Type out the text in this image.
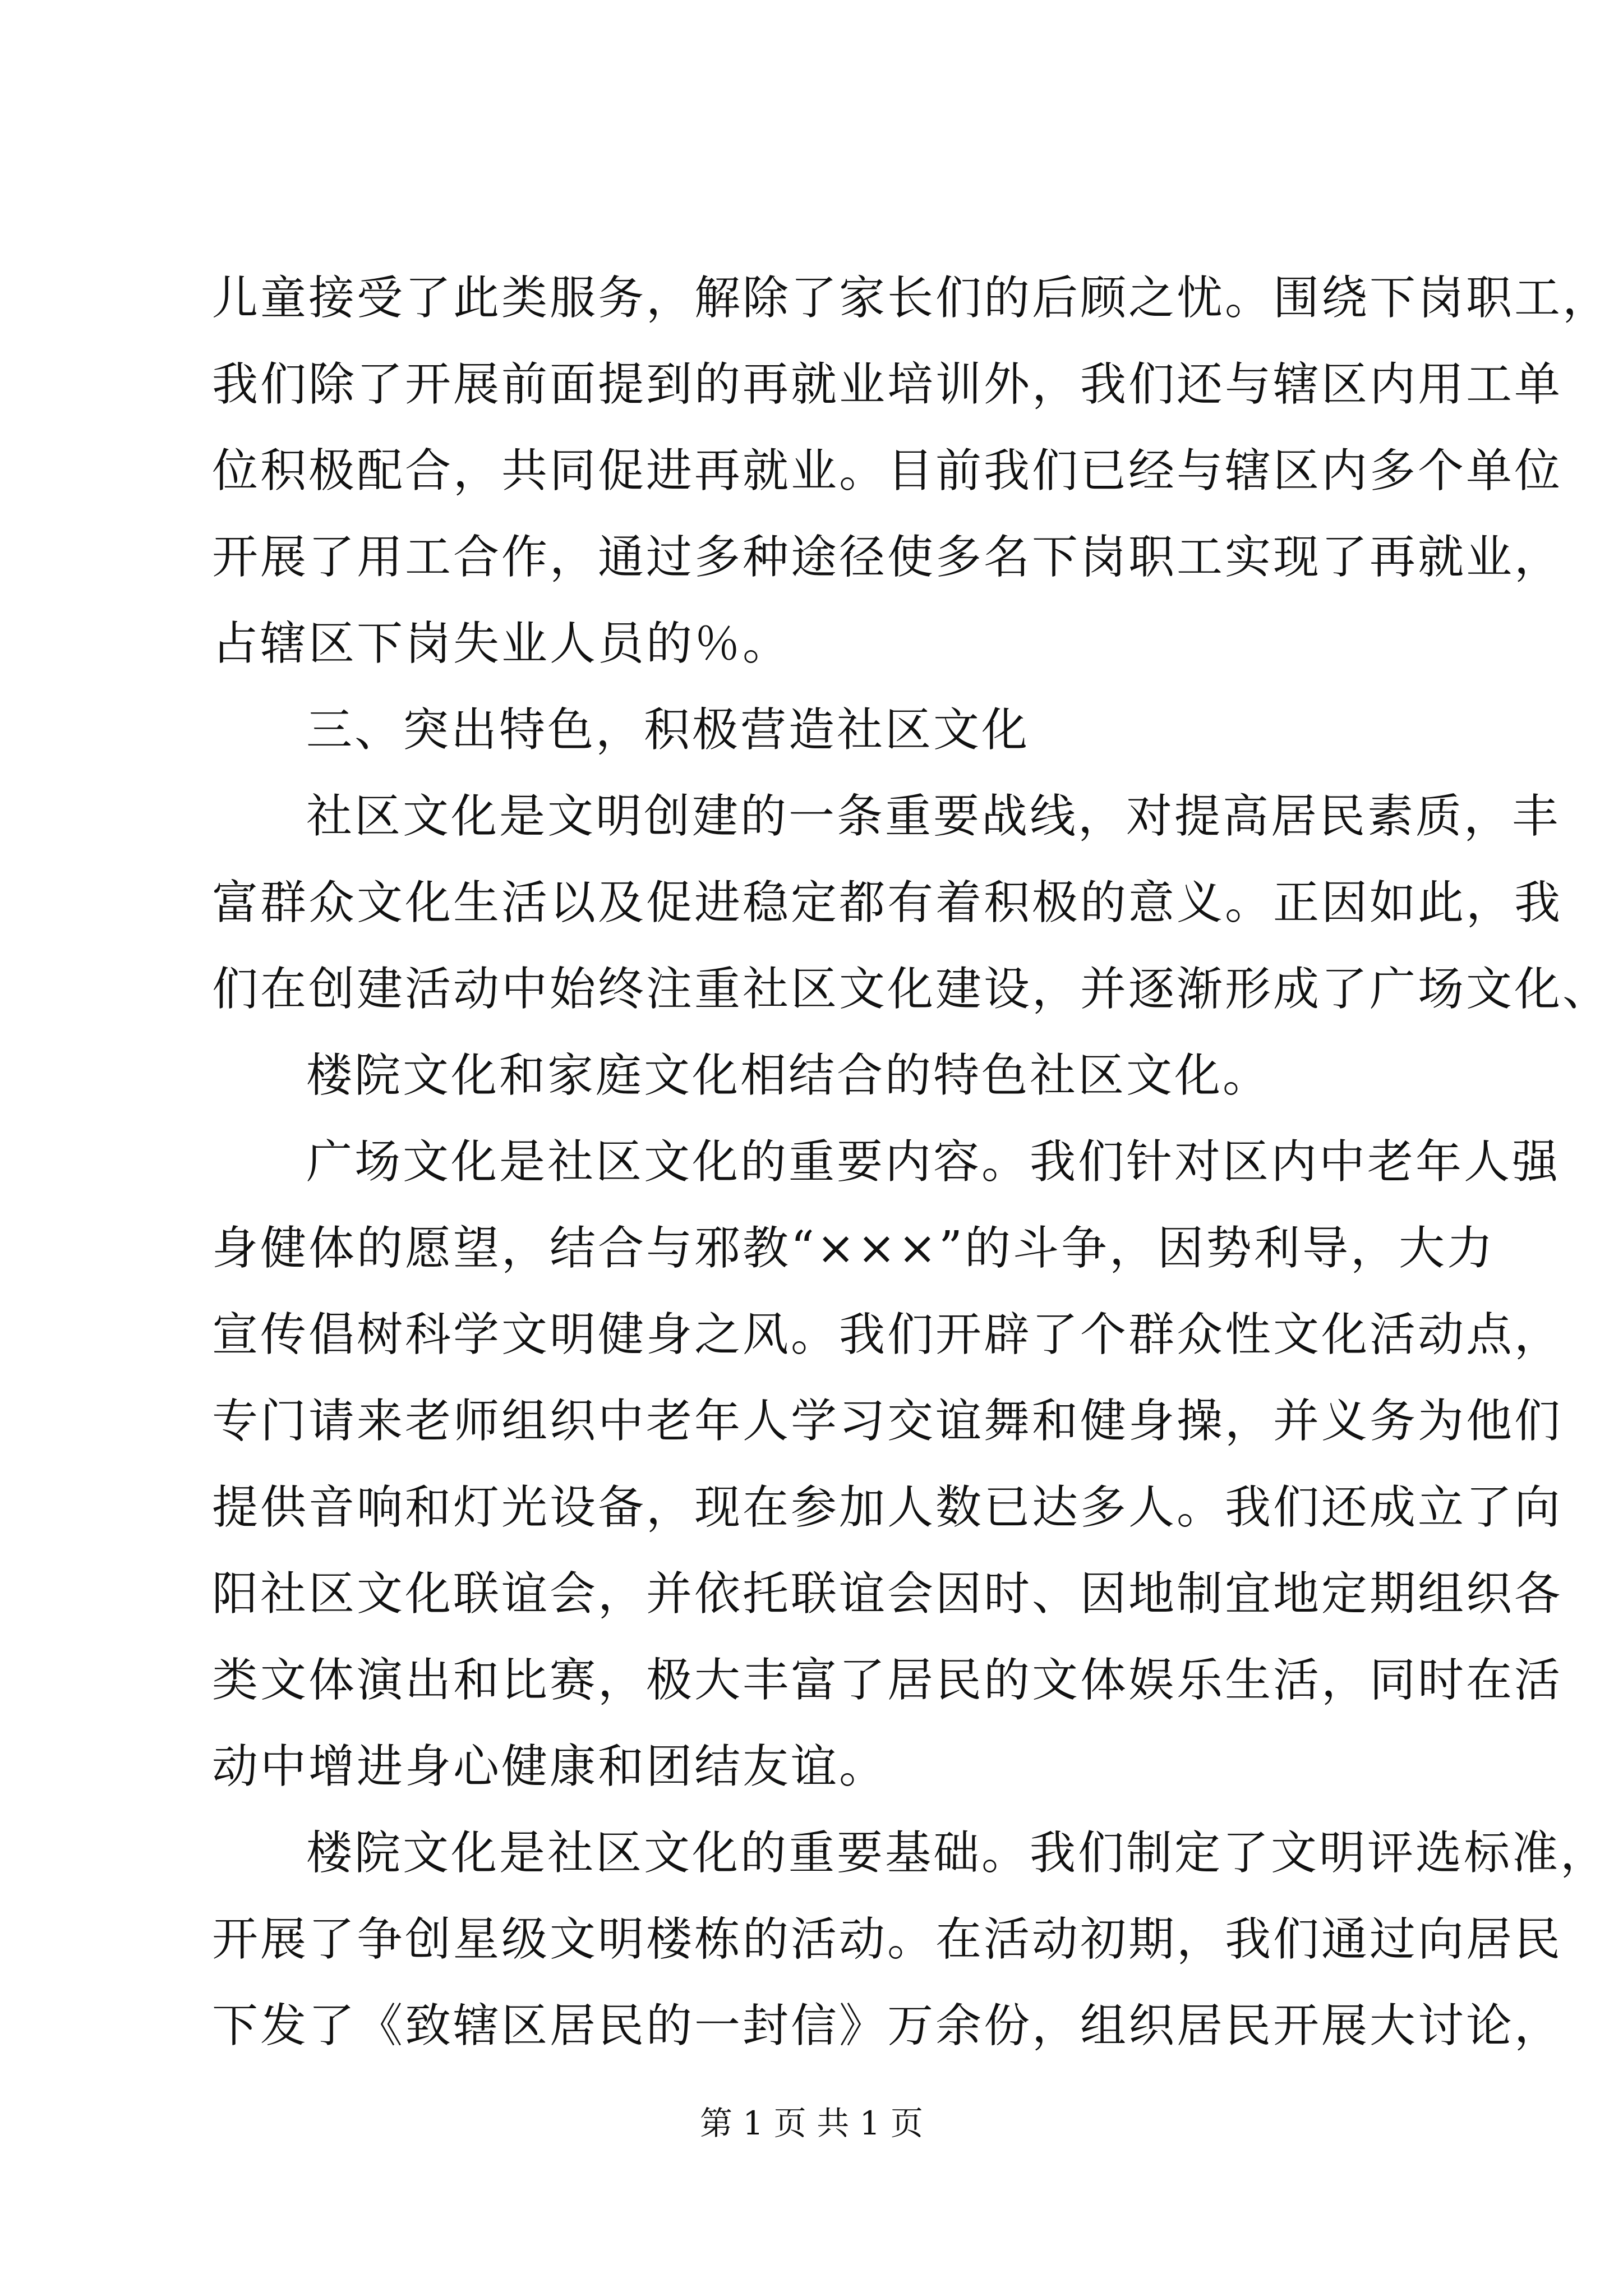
儿童接受了此类服务，解除了家长们的后顾之忧。围绕下岗职工，
我们除了开展前面提到的再就业培训外，我们还与辖区内用工单
位积极配合，共同促进再就业。目前我们已经与辖区内多个单位
开展了用工合作，通过多种途径使多名下岗职工实现了再就业，
占辖区下岗失业人员的％。
三、突出特色，积极营造社区文化
社区文化是文明创建的一条重要战线，对提高居民素质，丰
富群众文化生活以及促进稳定都有着积极的意义。正因如此，我
们在创建活动中始终注重社区文化建设，并逐渐形成了广场文化、
楼院文化和家庭文化相结合的特色社区文化。
广场文化是社区文化的重要内容。我们针对区内中老年人强
身健体的愿望，结合与邪教“×××”的斗争，因势利导，大力
宣传倡树科学文明健身之风。我们开辟了个群众性文化活动点，
专门请来老师组织中老年人学习交谊舞和健身操，并义务为他们
提供音响和灯光设备，现在参加人数已达多人。我们还成立了向
阳社区文化联谊会，并依托联谊会因时、因地制宜地定期组织各
类文体演出和比赛，极大丰富了居民的文体娱乐生活，同时在活
动中增进身心健康和团结友谊。
楼院文化是社区文化的重要基础。我们制定了文明评选标准，
开展了争创星级文明楼栋的活动。在活动初期，我们通过向居民
下发了《致辖区居民的一封信》万余份，组织居民开展大讨论，
第 1 页 共 1 页
